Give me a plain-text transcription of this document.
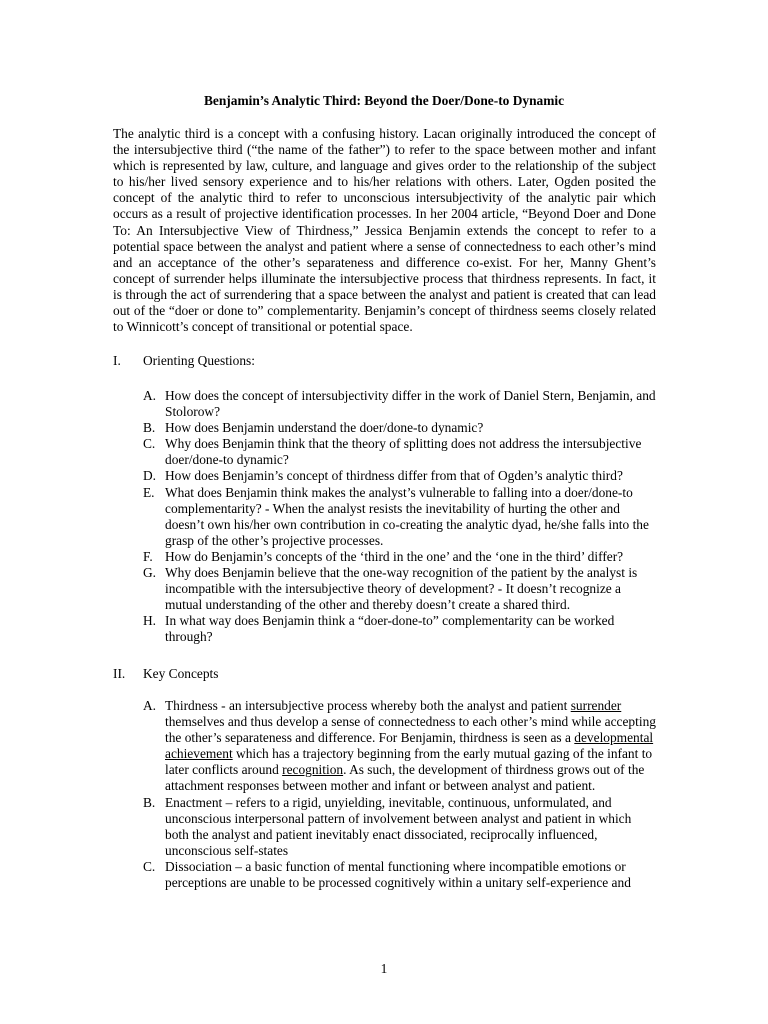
Benjamin’s Analytic Third: Beyond the Doer/Done-to Dynamic

The analytic third is a concept with a confusing history. Lacan originally introduced the concept of the intersubjective third (“the name of the father”) to refer to the space between mother and infant which is represented by law, culture, and language and gives order to the relationship of the subject to his/her lived sensory experience and to his/her relations with others. Later, Ogden posited the concept of the analytic third to refer to unconscious intersubjectivity of the analytic pair which occurs as a result of projective identification processes. In her 2004 article, “Beyond Doer and Done To: An Intersubjective View of Thirdness,” Jessica Benjamin extends the concept to refer to a potential space between the analyst and patient where a sense of connectedness to each other’s mind and an acceptance of the other’s separateness and difference co-exist. For her, Manny Ghent’s concept of surrender helps illuminate the intersubjective process that thirdness represents. In fact, it is through the act of surrendering that a space between the analyst and patient is created that can lead out of the “doer or done to” complementarity. Benjamin’s concept of thirdness seems closely related to Winnicott’s concept of transitional or potential space.

I.	Orienting Questions:
A. How does the concept of intersubjectivity differ in the work of Daniel Stern, Benjamin, and Stolorow?
B. How does Benjamin understand the doer/done-to dynamic?
C. Why does Benjamin think that the theory of splitting does not address the intersubjective doer/done-to dynamic?
D. How does Benjamin’s concept of thirdness differ from that of Ogden’s analytic third?
E. What does Benjamin think makes the analyst’s vulnerable to falling into a doer/done-to complementarity? - When the analyst resists the inevitability of hurting the other and doesn’t own his/her own contribution in co-creating the analytic dyad, he/she falls into the grasp of the other’s projective processes.
F. How do Benjamin’s concepts of the ‘third in the one’ and the ‘one in the third’ differ?
G. Why does Benjamin believe that the one-way recognition of the patient by the analyst is incompatible with the intersubjective theory of development? - It doesn’t recognize a mutual understanding of the other and thereby doesn’t create a shared third.
H. In what way does Benjamin think a “doer-done-to” complementarity can be worked through?
II.	Key Concepts
A. Thirdness - an intersubjective process whereby both the analyst and patient surrender themselves and thus develop a sense of connectedness to each other’s mind while accepting the other’s separateness and difference. For Benjamin, thirdness is seen as a developmental achievement which has a trajectory beginning from the early mutual gazing of the infant to later conflicts around recognition. As such, the development of thirdness grows out of the attachment responses between mother and infant or between analyst and patient.
B. Enactment – refers to a rigid, unyielding, inevitable, continuous, unformulated, and unconscious interpersonal pattern of involvement between analyst and patient in which both the analyst and patient inevitably enact dissociated, reciprocally influenced, unconscious self-states
C. Dissociation – a basic function of mental functioning where incompatible emotions or perceptions are unable to be processed cognitively within a unitary self-experience and
1
